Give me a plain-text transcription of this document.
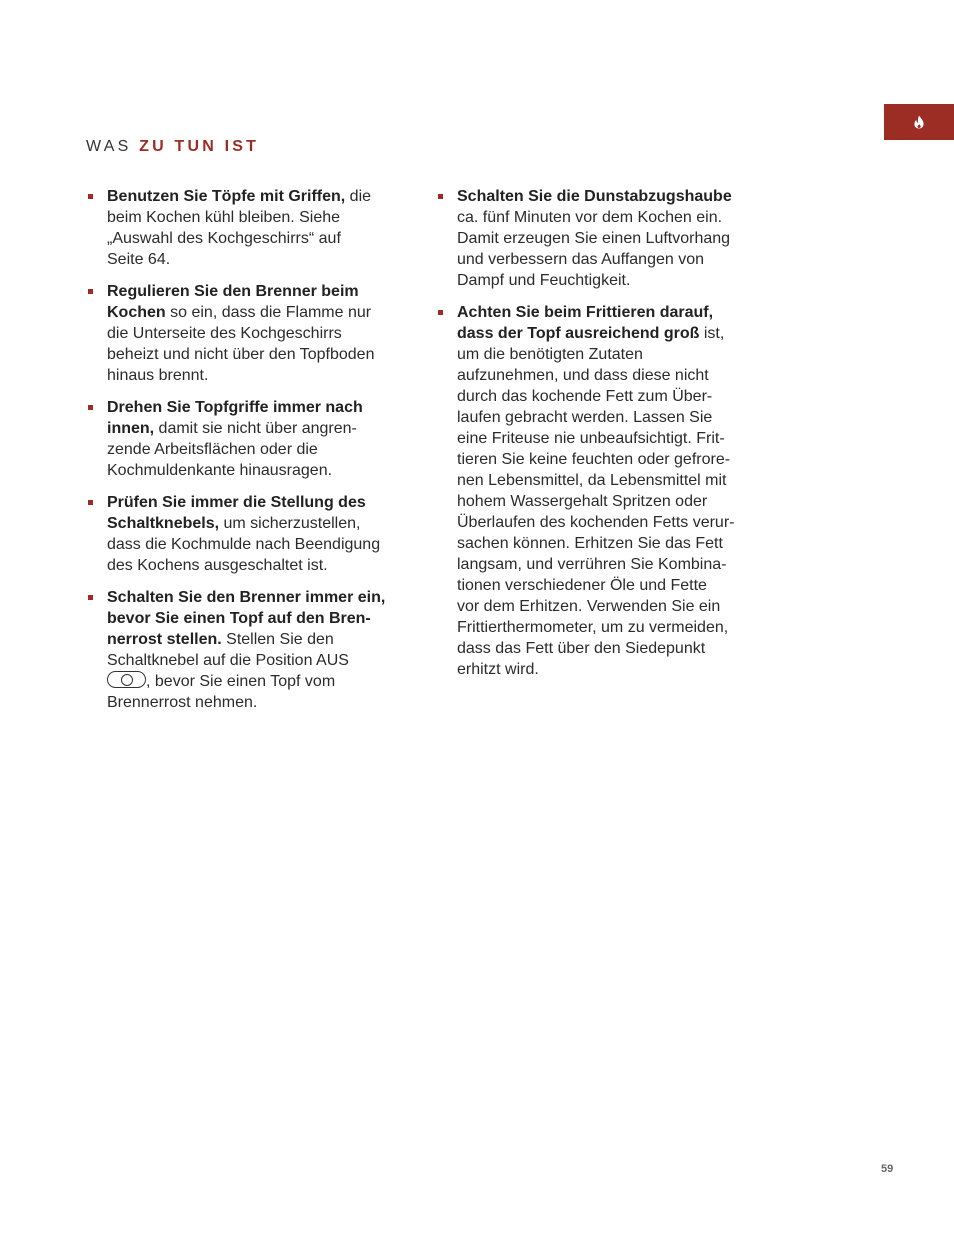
WAS ZU TUN IST
Benutzen Sie Töpfe mit Griffen, die
beim Kochen kühl bleiben. Siehe
„Auswahl des Kochgeschirrs“ auf
Seite 64.
Regulieren Sie den Brenner beim
Kochen so ein, dass die Flamme nur
die Unterseite des Kochgeschirrs
beheizt und nicht über den Topfboden
hinaus brennt.
Drehen Sie Topfgriffe immer nach
innen, damit sie nicht über angren-
zende Arbeitsflächen oder die
Kochmuldenkante hinausragen.
Prüfen Sie immer die Stellung des
Schaltknebels, um sicherzustellen,
dass die Kochmulde nach Beendigung
des Kochens ausgeschaltet ist.
Schalten Sie den Brenner immer ein,
bevor Sie einen Topf auf den Bren-
nerrost stellen. Stellen Sie den
Schaltknebel auf die Position AUS
, bevor Sie einen Topf vom
Brennerrost nehmen.
Schalten Sie die Dunstabzugshaube
ca. fünf Minuten vor dem Kochen ein.
Damit erzeugen Sie einen Luftvorhang
und verbessern das Auffangen von
Dampf und Feuchtigkeit.
Achten Sie beim Frittieren darauf,
dass der Topf ausreichend groß ist,
um die benötigten Zutaten
aufzunehmen, und dass diese nicht
durch das kochende Fett zum Über-
laufen gebracht werden. Lassen Sie
eine Friteuse nie unbeaufsichtigt. Frit-
tieren Sie keine feuchten oder gefrore-
nen Lebensmittel, da Lebensmittel mit
hohem Wassergehalt Spritzen oder
Überlaufen des kochenden Fetts verur-
sachen können. Erhitzen Sie das Fett
langsam, und verrühren Sie Kombina-
tionen verschiedener Öle und Fette
vor dem Erhitzen. Verwenden Sie ein
Frittierthermometer, um zu vermeiden,
dass das Fett über den Siedepunkt
erhitzt wird.
59
